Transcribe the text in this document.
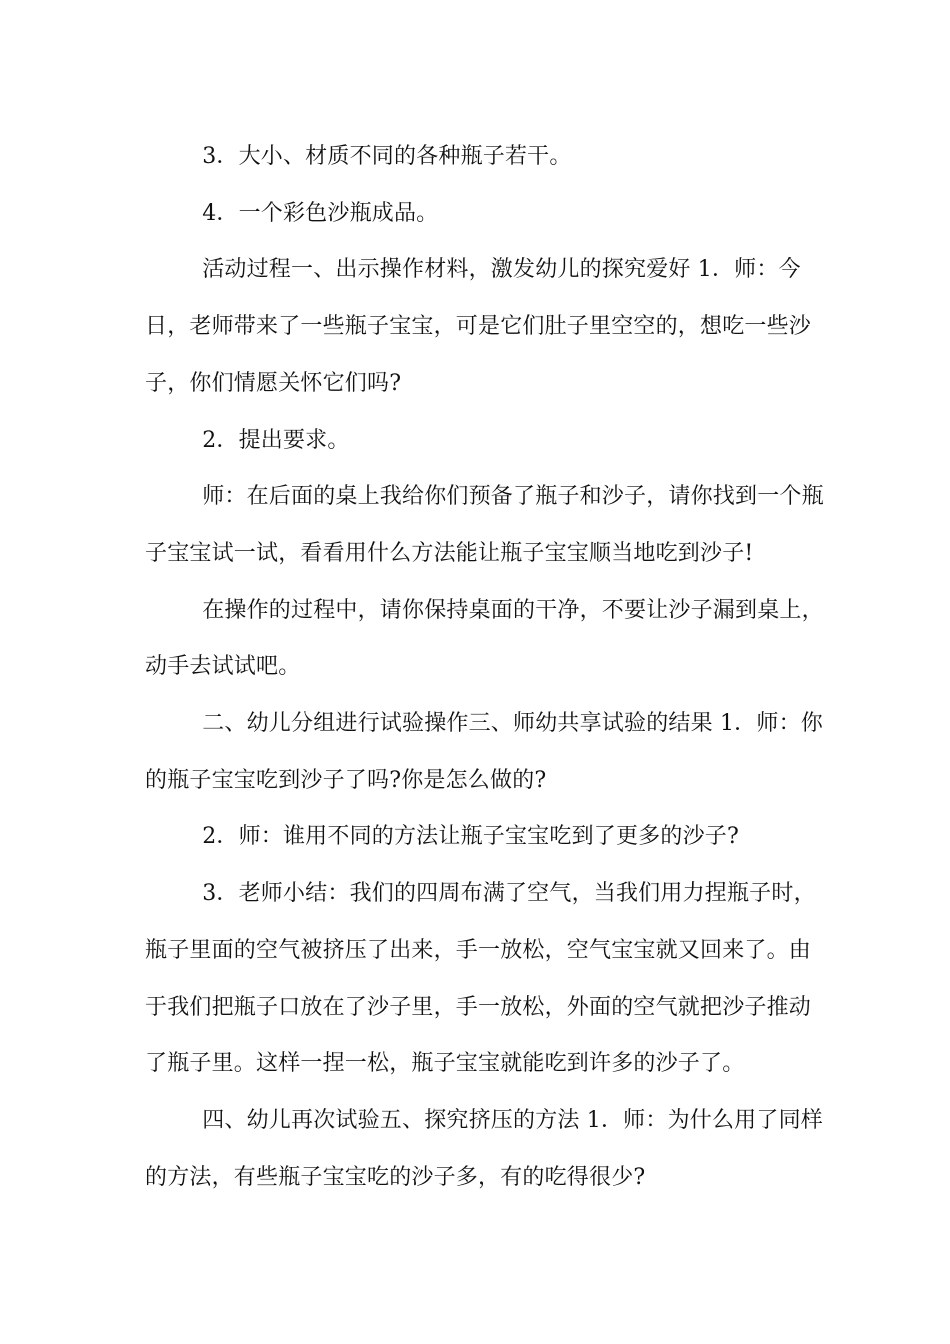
3．大小、材质不同的各种瓶子若干。

4．一个彩色沙瓶成品。

活动过程一、出示操作材料，激发幼儿的探究爱好 1．师：今日，老师带来了一些瓶子宝宝，可是它们肚子里空空的，想吃一些沙子，你们情愿关怀它们吗?

2．提出要求。

师：在后面的桌上我给你们预备了瓶子和沙子，请你找到一个瓶子宝宝试一试，看看用什么方法能让瓶子宝宝顺当地吃到沙子!

在操作的过程中，请你保持桌面的干净，不要让沙子漏到桌上，动手去试试吧。

二、幼儿分组进行试验操作三、师幼共享试验的结果 1．师：你的瓶子宝宝吃到沙子了吗?你是怎么做的?

2．师：谁用不同的方法让瓶子宝宝吃到了更多的沙子?

3．老师小结：我们的四周布满了空气，当我们用力捏瓶子时，瓶子里面的空气被挤压了出来，手一放松，空气宝宝就又回来了。由于我们把瓶子口放在了沙子里，手一放松，外面的空气就把沙子推动了瓶子里。这样一捏一松，瓶子宝宝就能吃到许多的沙子了。

四、幼儿再次试验五、探究挤压的方法 1．师：为什么用了同样的方法，有些瓶子宝宝吃的沙子多，有的吃得很少?
